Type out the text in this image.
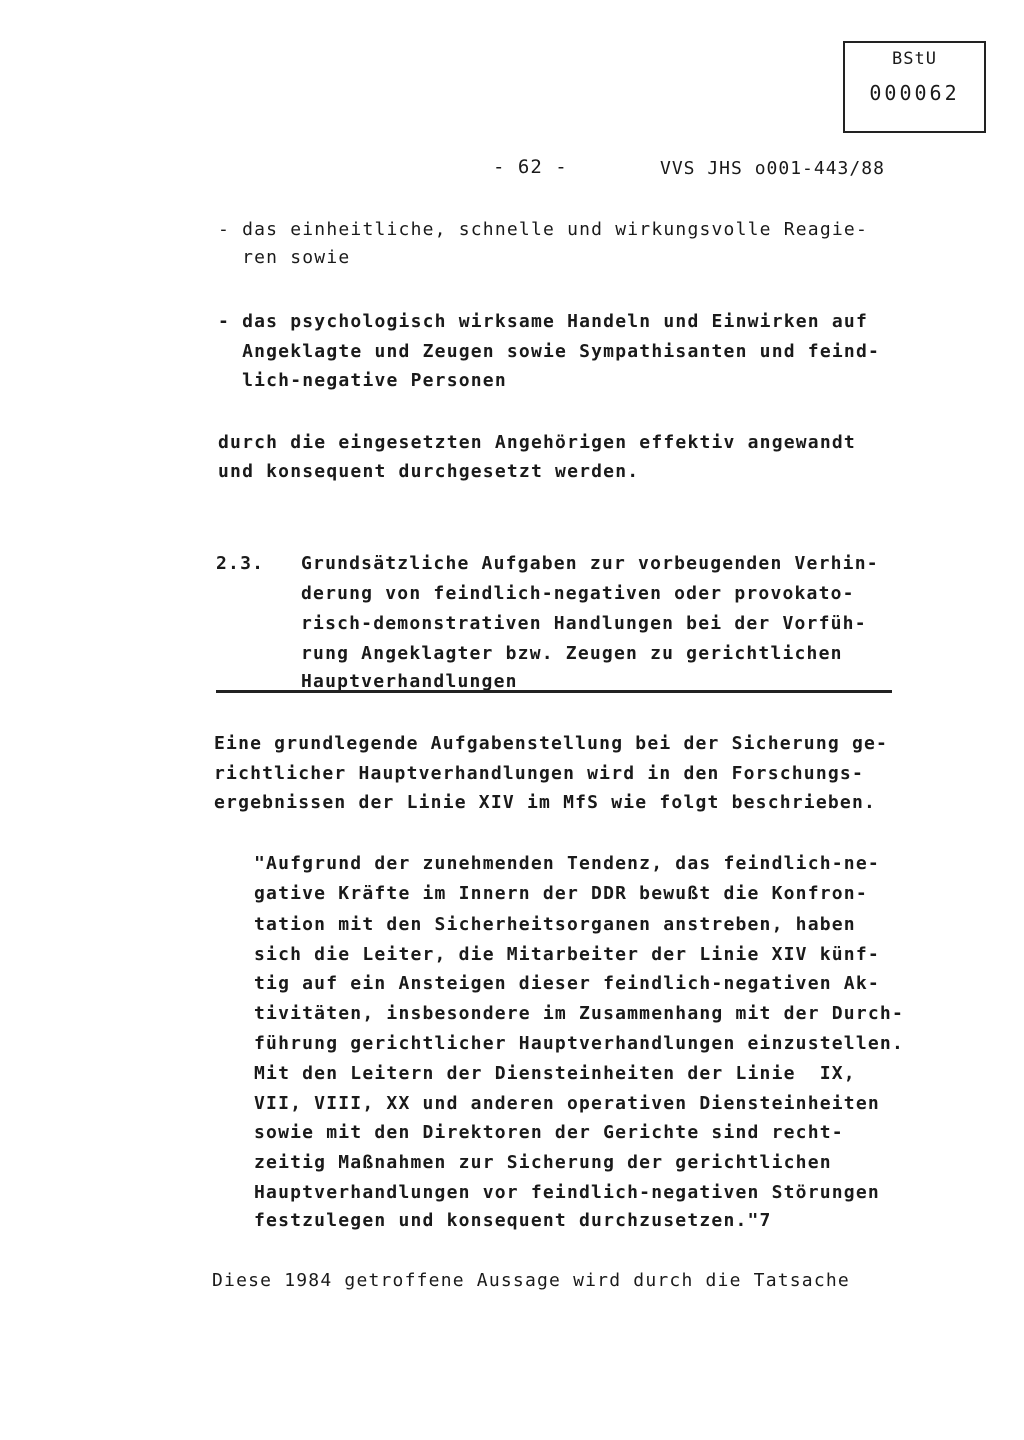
BStU
000062
- 62 -	VVS JHS o001-443/88
- das einheitliche, schnelle und wirkungsvolle Reagie-
ren sowie
- das psychologisch wirksame Handeln und Einwirken auf
Angeklagte und Zeugen sowie Sympathisanten und feind-
lich-negative Personen
durch die eingesetzten Angehörigen effektiv angewandt
und konsequent durchgesetzt werden.
2.3. Grundsätzliche Aufgaben zur vorbeugenden Verhin-
derung von feindlich-negativen oder provokato-
risch-demonstrativen Handlungen bei der Vorfüh-
rung Angeklagter bzw. Zeugen zu gerichtlichen
Hauptverhandlungen
Eine grundlegende Aufgabenstellung bei der Sicherung ge-
richtlicher Hauptverhandlungen wird in den Forschungs-
ergebnissen der Linie XIV im MfS wie folgt beschrieben.
"Aufgrund der zunehmenden Tendenz, das feindlich-ne-
gative Kräfte im Innern der DDR bewußt die Konfron-
tation mit den Sicherheitsorganen anstreben, haben
sich die Leiter, die Mitarbeiter der Linie XIV künf-
tig auf ein Ansteigen dieser feindlich-negativen Ak-
tivitäten, insbesondere im Zusammenhang mit der Durch-
führung gerichtlicher Hauptverhandlungen einzustellen.
Mit den Leitern der Diensteinheiten der Linie  IX,
VII, VIII, XX und anderen operativen Diensteinheiten
sowie mit den Direktoren der Gerichte sind recht-
zeitig Maßnahmen zur Sicherung der gerichtlichen
Hauptverhandlungen vor feindlich-negativen Störungen
festzulegen und konsequent durchzusetzen."7
Diese 1984 getroffene Aussage wird durch die Tatsache
